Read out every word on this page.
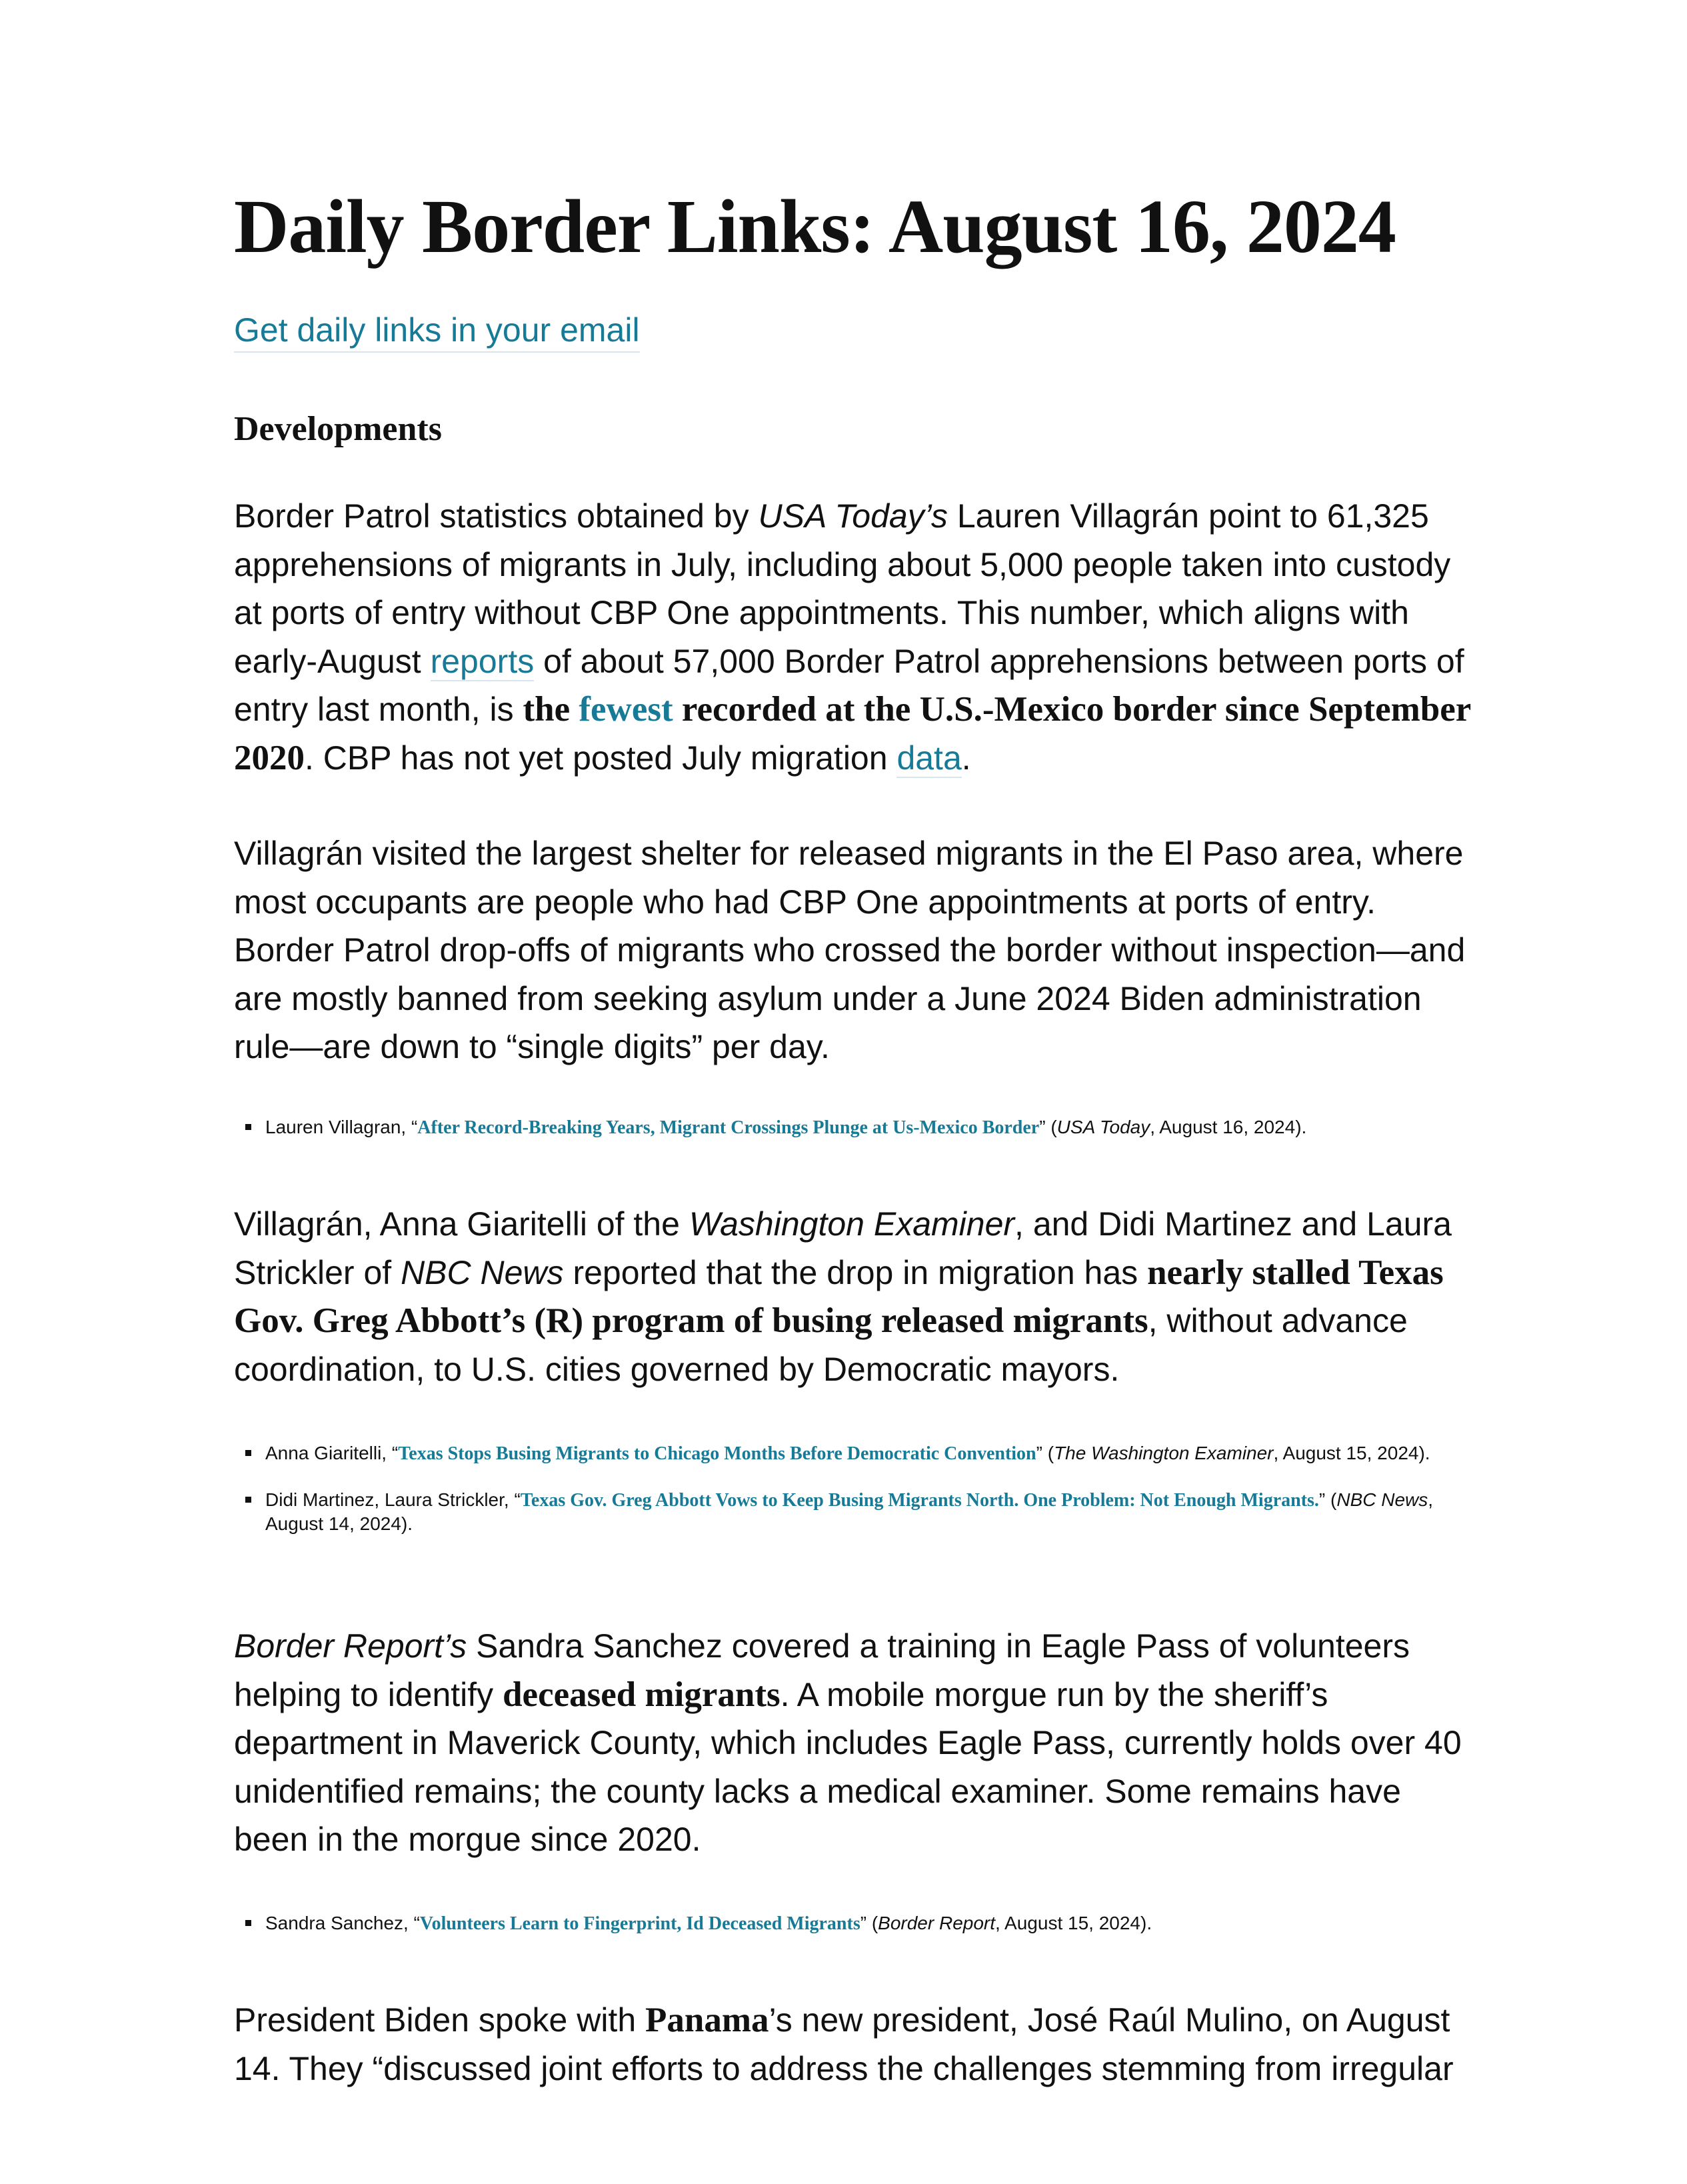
Daily Border Links: August 16, 2024
Get daily links in your email
Developments

Border Patrol statistics obtained by USA Today’s Lauren Villagrán point to 61,325 apprehensions of migrants in July, including about 5,000 people taken into custody at ports of entry without CBP One appointments. This number, which aligns with early-August reports of about 57,000 Border Patrol apprehensions between ports of entry last month, is the fewest recorded at the U.S.-Mexico border since September 2020. CBP has not yet posted July migration data.

Villagrán visited the largest shelter for released migrants in the El Paso area, where most occupants are people who had CBP One appointments at ports of entry. Border Patrol drop-offs of migrants who crossed the border without inspection—and are mostly banned from seeking asylum under a June 2024 Biden administration rule—are down to “single digits” per day.

Lauren Villagran, “After Record-Breaking Years, Migrant Crossings Plunge at Us-Mexico Border” (USA Today, August 16, 2024).

Villagrán, Anna Giaritelli of the Washington Examiner, and Didi Martinez and Laura Strickler of NBC News reported that the drop in migration has nearly stalled Texas Gov. Greg Abbott’s (R) program of busing released migrants, without advance coordination, to U.S. cities governed by Democratic mayors.

Anna Giaritelli, “Texas Stops Busing Migrants to Chicago Months Before Democratic Convention” (The Washington Examiner, August 15, 2024).
Didi Martinez, Laura Strickler, “Texas Gov. Greg Abbott Vows to Keep Busing Migrants North. One Problem: Not Enough Migrants.” (NBC News, August 14, 2024).

Border Report’s Sandra Sanchez covered a training in Eagle Pass of volunteers helping to identify deceased migrants. A mobile morgue run by the sheriff’s department in Maverick County, which includes Eagle Pass, currently holds over 40 unidentified remains; the county lacks a medical examiner. Some remains have been in the morgue since 2020.

Sandra Sanchez, “Volunteers Learn to Fingerprint, Id Deceased Migrants” (Border Report, August 15, 2024).

President Biden spoke with Panama’s new president, José Raúl Mulino, on August 14. They “discussed joint efforts to address the challenges stemming from irregular
